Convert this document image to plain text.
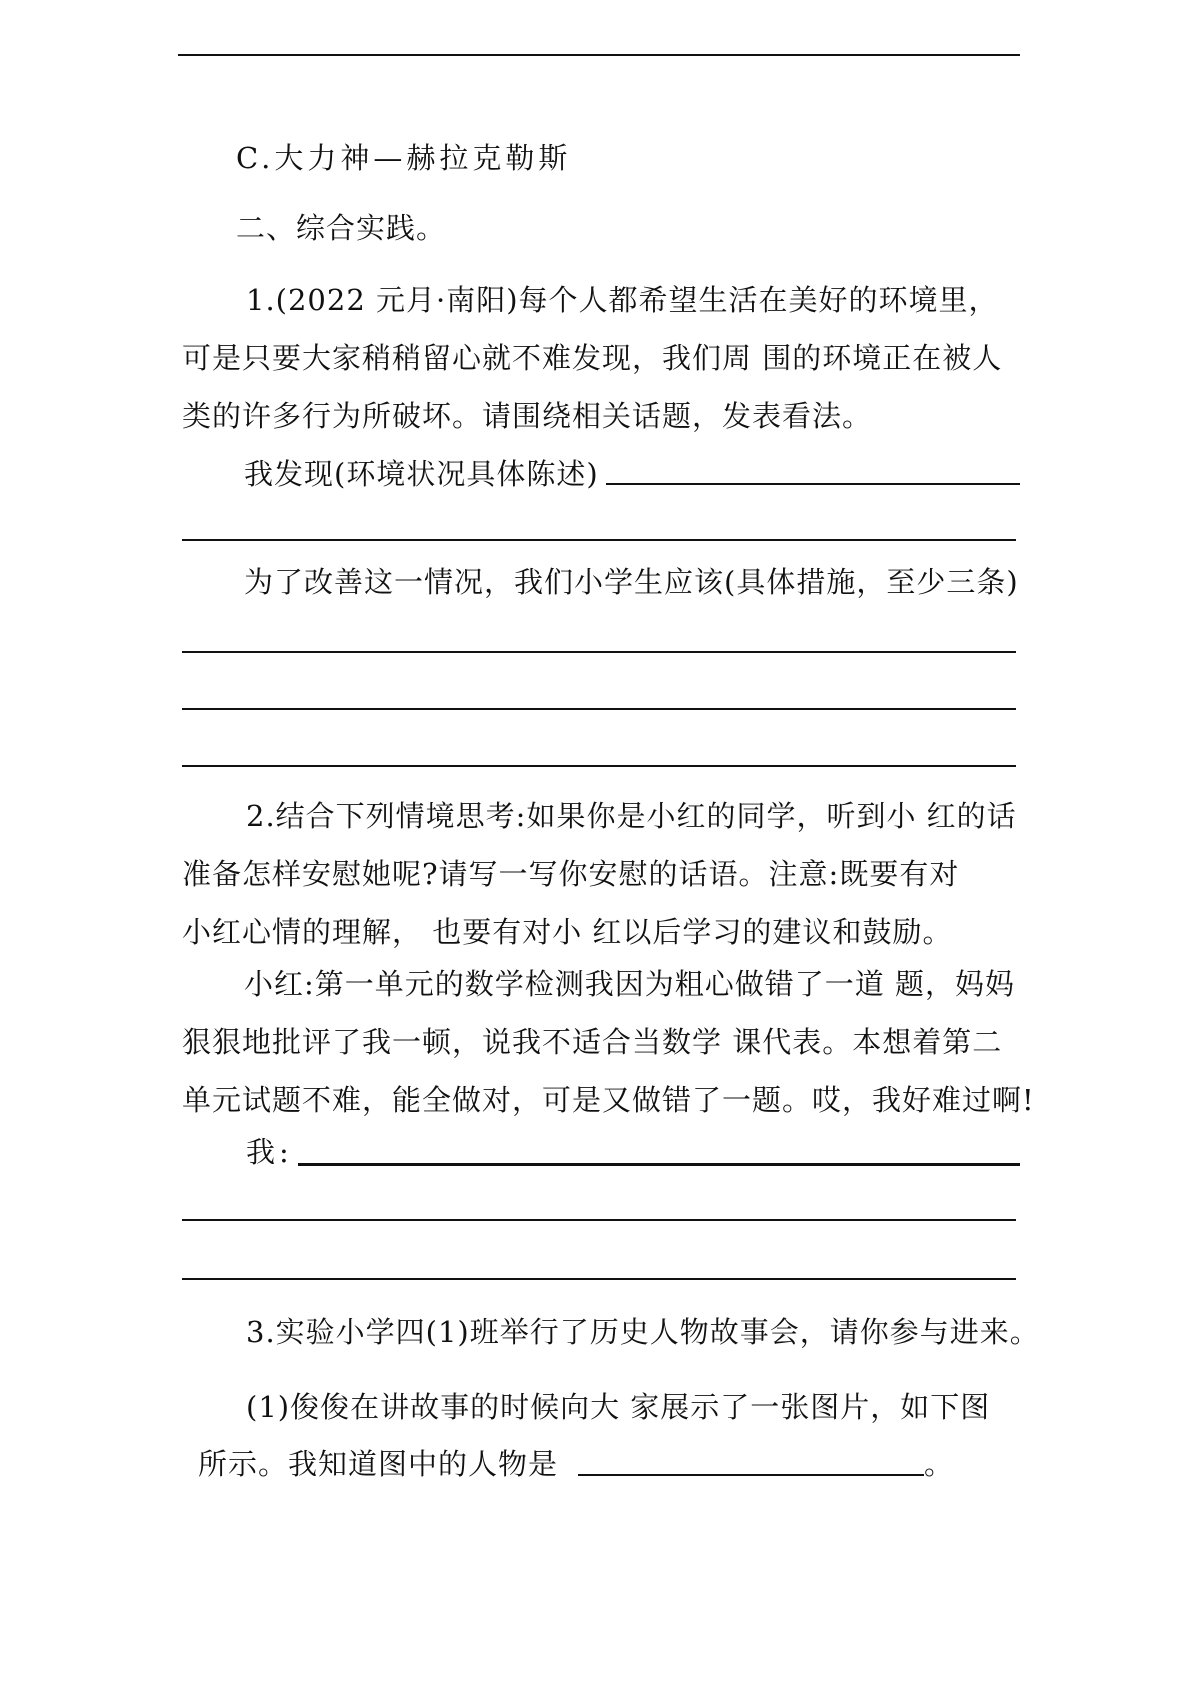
C.大力神—赫拉克勒斯
二、综合实践。
1.(2022 元月·南阳)每个人都希望生活在美好的环境里，
可是只要大家稍稍留心就不难发现，我们周 围的环境正在被人
类的许多行为所破坏。请围绕相关话题，发表看法。
我发现(环境状况具体陈述)
为了改善这一情况，我们小学生应该(具体措施，至少三条)
2.结合下列情境思考:如果你是小红的同学，听到小 红的话
准备怎样安慰她呢?请写一写你安慰的话语。注意:既要有对
小红心情的理解， 也要有对小 红以后学习的建议和鼓励。
小红:第一单元的数学检测我因为粗心做错了一道 题，妈妈
狠狠地批评了我一顿，说我不适合当数学 课代表。本想着第二
单元试题不难，能全做对，可是又做错了一题。哎，我好难过啊!
我:
3.实验小学四(1)班举行了历史人物故事会，请你参与进来。
(1)俊俊在讲故事的时候向大 家展示了一张图片，如下图
所示。我知道图中的人物是	。
